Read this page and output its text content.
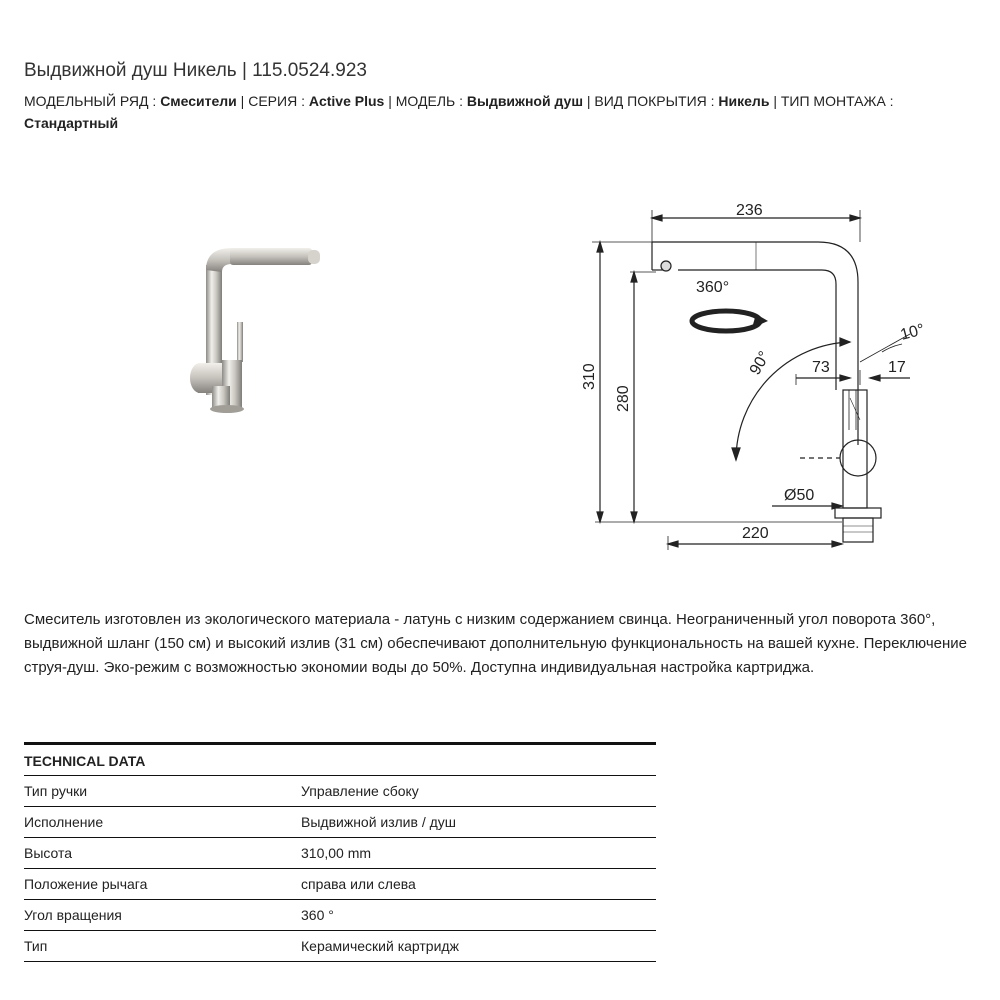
Выдвижной душ Никель | 115.0524.923
МОДЕЛЬНЫЙ РЯД : Смесители | СЕРИЯ : Active Plus | МОДЕЛЬ : Выдвижной душ | ВИД ПОКРЫТИЯ : Никель | ТИП МОНТАЖА : Стандартный
236
310
280
360°
90°
10°
73	17
Ø50
220
Смеситель изготовлен из экологического материала - латунь с низким содержанием свинца. Неограниченный угол поворота 360°, выдвижной шланг (150 см) и высокий излив (31 см) обеспечивают дополнительную функциональность на вашей кухне. Переключение струя-душ. Эко-режим с возможностью экономии воды до 50%. Доступна индивидуальная настройка картриджа.
TECHNICAL DATA
Тип ручки	Управление сбоку
Исполнение	Выдвижной излив / душ
Высота	310,00 mm
Положение рычага	справа или слева
Угол вращения	360 °
Тип	Керамический картридж
